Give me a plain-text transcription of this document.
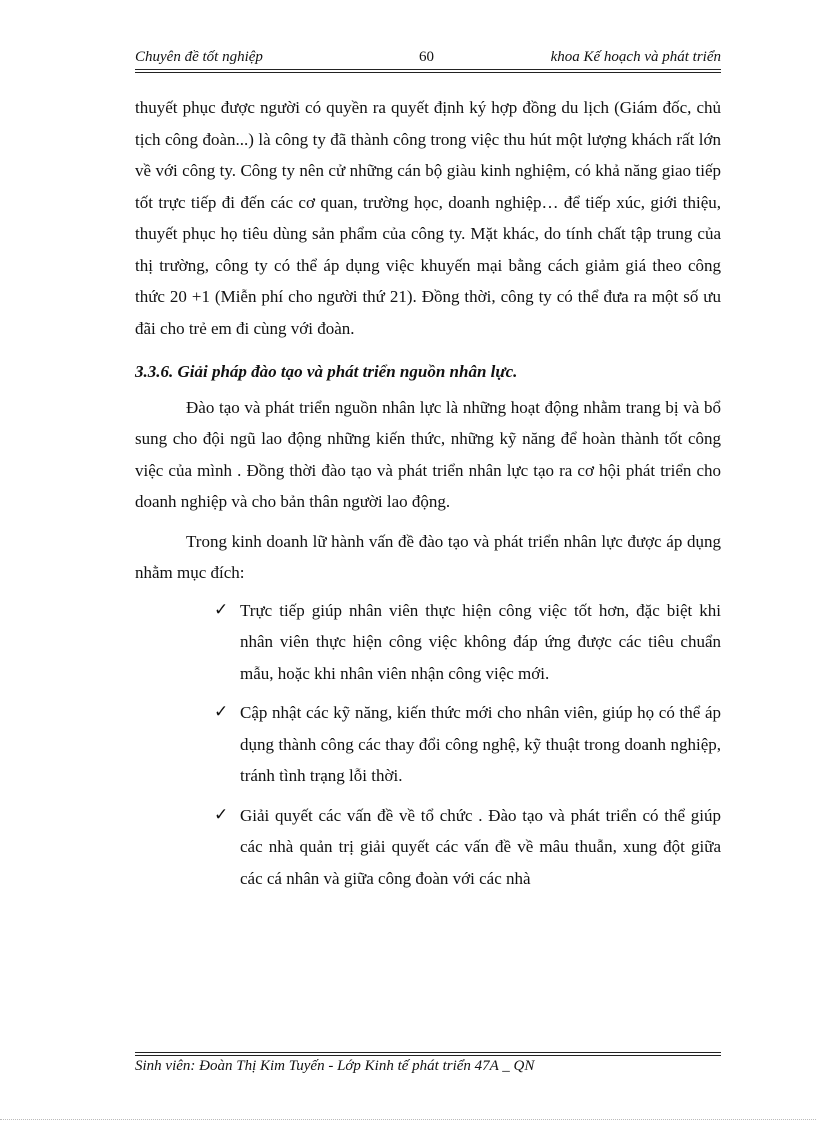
Chuyên đề tốt nghiệp	60	khoa Kế hoạch và phát triển

thuyết phục được người có quyền ra quyết định ký hợp đồng du lịch (Giám đốc, chủ tịch công đoàn...) là công ty đã thành công trong việc thu hút một lượng khách rất lớn về với công ty. Công ty nên cử những cán bộ giàu kinh nghiệm, có khả năng giao tiếp tốt trực tiếp đi đến các cơ quan, trường học, doanh nghiệp… để tiếp xúc, giới thiệu, thuyết phục họ tiêu dùng sản phẩm của công ty. Mặt khác, do tính chất tập trung của thị trường, công ty có thể áp dụng việc khuyến mại bằng cách giảm giá theo công thức 20 +1 (Miễn phí cho người thứ 21). Đồng thời, công ty có thể đưa ra một số ưu đãi cho trẻ em đi cùng với đoàn.

3.3.6. Giải pháp đào tạo và phát triển nguồn nhân lực.

Đào tạo và phát triển nguồn nhân lực là những hoạt động nhằm trang bị và bổ sung cho đội ngũ lao động những kiến thức, những kỹ năng để hoàn thành tốt công việc của mình . Đồng thời đào tạo và phát triển nhân lực tạo ra cơ hội phát triển cho doanh nghiệp và cho bản thân người lao động.

Trong kinh doanh lữ hành vấn đề đào tạo và phát triển nhân lực được áp dụng nhằm mục đích:

✓ Trực tiếp giúp nhân viên thực hiện công việc tốt hơn, đặc biệt khi nhân viên thực hiện công việc không đáp ứng được các tiêu chuẩn mẫu, hoặc khi nhân viên nhận công việc mới.
✓ Cập nhật các kỹ năng, kiến thức mới cho nhân viên, giúp họ có thể áp dụng thành công các thay đổi công nghệ, kỹ thuật trong doanh nghiệp, tránh tình trạng lỗi thời.
✓ Giải quyết các vấn đề về tổ chức . Đào tạo và phát triển có thể giúp các nhà quản trị giải quyết các vấn đề về mâu thuẫn, xung đột giữa các cá nhân và giữa công đoàn với các nhà
Sinh viên: Đoàn Thị Kim Tuyến - Lớp Kinh tế phát triển 47A _ QN
